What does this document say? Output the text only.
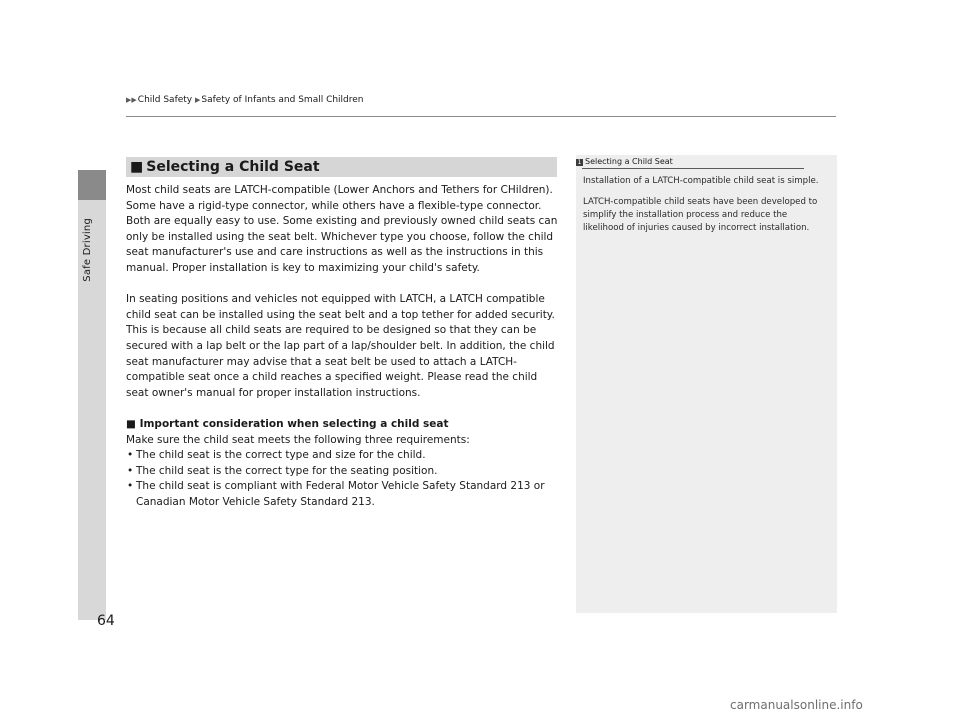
Safe Driving
▶▶Child Safety ▶Safety of Infants and Small Children
■ Selecting a Child Seat

Most child seats are LATCH-compatible (Lower Anchors and Tethers for CHildren). Some have a rigid-type connector, while others have a flexible-type connector. Both are equally easy to use. Some existing and previously owned child seats can only be installed using the seat belt. Whichever type you choose, follow the child seat manufacturer's use and care instructions as well as the instructions in this manual. Proper installation is key to maximizing your child's safety.

In seating positions and vehicles not equipped with LATCH, a LATCH compatible child seat can be installed using the seat belt and a top tether for added security. This is because all child seats are required to be designed so that they can be secured with a lap belt or the lap part of a lap/shoulder belt. In addition, the child seat manufacturer may advise that a seat belt be used to attach a LATCH-compatible seat once a child reaches a specified weight. Please read the child seat owner's manual for proper installation instructions.

■ Important consideration when selecting a child seat

Make sure the child seat meets the following three requirements:

• The child seat is the correct type and size for the child.
• The child seat is the correct type for the seating position.
• The child seat is compliant with Federal Motor Vehicle Safety Standard 213 or Canadian Motor Vehicle Safety Standard 213.
1 Selecting a Child Seat

Installation of a LATCH-compatible child seat is simple.

LATCH-compatible child seats have been developed to simplify the installation process and reduce the likelihood of injuries caused by incorrect installation.

64
carmanualsonline.info
